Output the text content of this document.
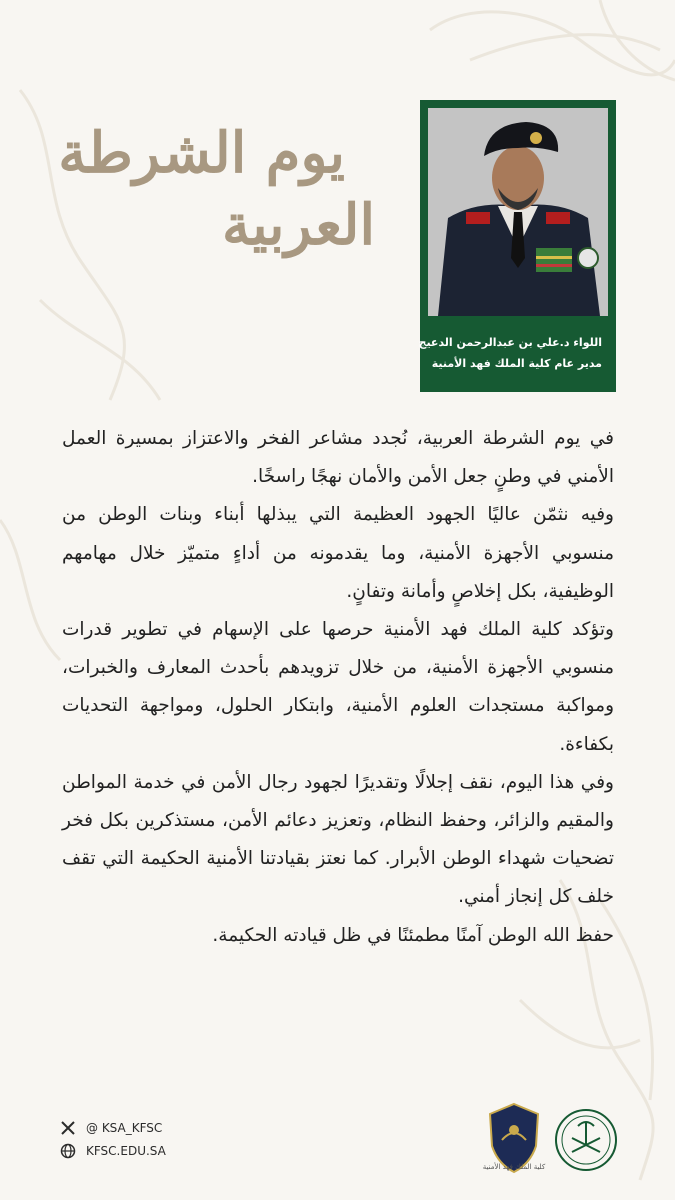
يوم الشرطة
العربية
اللواء د.علي بن عبدالرحمن الدعيج
مدير عام كلية الملك فهد الأمنية

في يوم الشرطة العربية، نُجدد مشاعر الفخر والاعتزاز بمسيرة العمل الأمني في وطنٍ جعل الأمن والأمان نهجًا راسخًا.

وفيه نثمّن عاليًا الجهود العظيمة التي يبذلها أبناء وبنات الوطن من منسوبي الأجهزة الأمنية، وما يقدمونه من أداءٍ متميّز خلال مهامهم الوظيفية، بكل إخلاصٍ وأمانة وتفانٍ.

وتؤكد كلية الملك فهد الأمنية حرصها على الإسهام في تطوير قدرات منسوبي الأجهزة الأمنية، من خلال تزويدهم بأحدث المعارف والخبرات، ومواكبة مستجدات العلوم الأمنية، وابتكار الحلول، ومواجهة التحديات بكفاءة.

وفي هذا اليوم، نقف إجلالًا وتقديرًا لجهود رجال الأمن في خدمة المواطن والمقيم والزائر، وحفظ النظام، وتعزيز دعائم الأمن، مستذكرين بكل فخر تضحيات شهداء الوطن الأبرار. كما نعتز بقيادتنا الأمنية الحكيمة التي تقف خلف كل إنجاز أمني.

حفظ الله الوطن آمنًا مطمئنًا في ظل قيادته الحكيمة.

@ KSA_KFSC
KFSC.EDU.SA
كلية الملك فهد الأمنية
